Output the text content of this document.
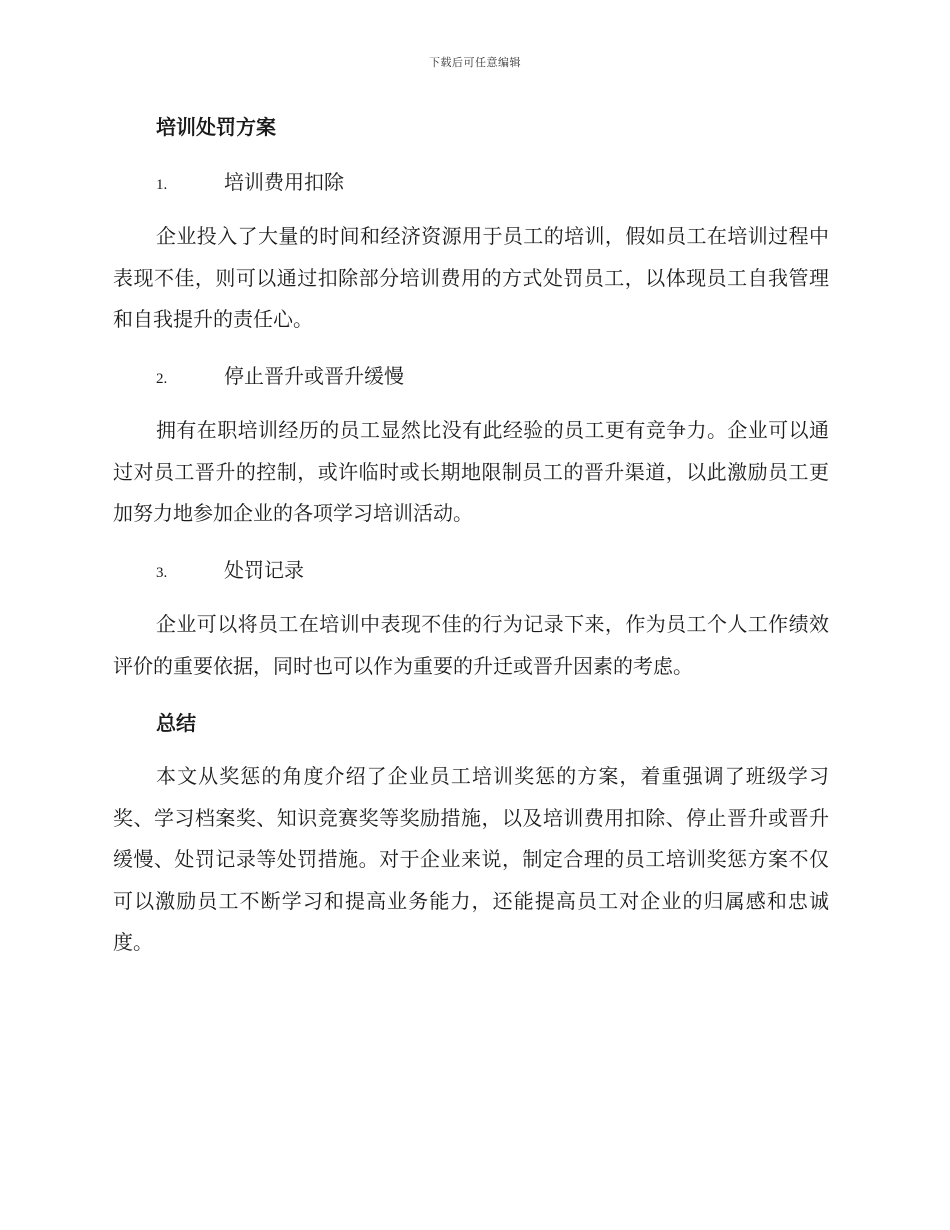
下载后可任意编辑
培训处罚方案
1.	培训费用扣除

企业投入了大量的时间和经济资源用于员工的培训，假如员工在培训过程中表现不佳，则可以通过扣除部分培训费用的方式处罚员工，以体现员工自我管理和自我提升的责任心。

2.	停止晋升或晋升缓慢

拥有在职培训经历的员工显然比没有此经验的员工更有竞争力。企业可以通过对员工晋升的控制，或许临时或长期地限制员工的晋升渠道，以此激励员工更加努力地参加企业的各项学习培训活动。

3.	处罚记录

企业可以将员工在培训中表现不佳的行为记录下来，作为员工个人工作绩效评价的重要依据，同时也可以作为重要的升迁或晋升因素的考虑。

总结

本文从奖惩的角度介绍了企业员工培训奖惩的方案，着重强调了班级学习奖、学习档案奖、知识竞赛奖等奖励措施，以及培训费用扣除、停止晋升或晋升缓慢、处罚记录等处罚措施。对于企业来说，制定合理的员工培训奖惩方案不仅可以激励员工不断学习和提高业务能力，还能提高员工对企业的归属感和忠诚度。
